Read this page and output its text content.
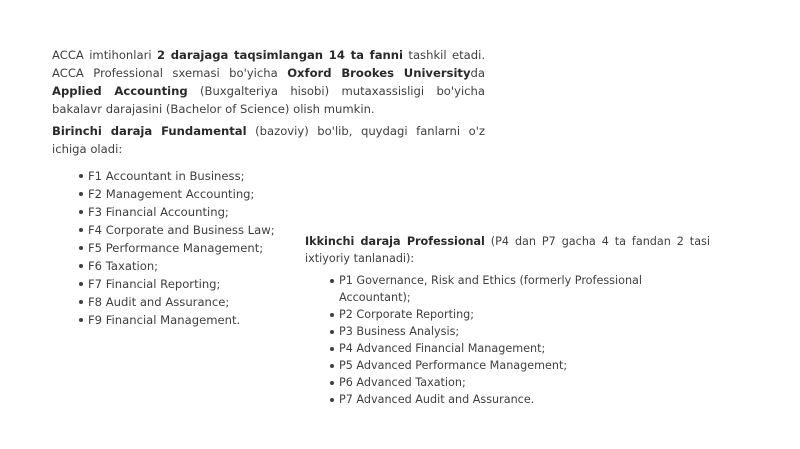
ACCA imtihonlari 2 darajaga taqsimlangan 14 ta fanni tashkil etadi. ACCA Professional sxemasi bo'yicha Oxford Brookes Universityda Applied Accounting (Buxgalteriya hisobi) mutaxassisligi bo'yicha bakalavr darajasini (Bachelor of Science) olish mumkin.

Birinchi daraja Fundamental (bazoviy) bo'lib, quydagi fanlarni o'z ichiga oladi:

F1 Accountant in Business;
F2 Management Accounting;
F3 Financial Accounting;
F4 Corporate and Business Law;
F5 Performance Management;
F6 Taxation;
F7 Financial Reporting;
F8 Audit and Assurance;
F9 Financial Management.

Ikkinchi daraja Professional (P4 dan P7 gacha 4 ta fandan 2 tasi ixtiyoriy tanlanadi):

P1 Governance, Risk and Ethics (formerly Professional Accountant);
P2 Corporate Reporting;
P3 Business Analysis;
P4 Advanced Financial Management;
P5 Advanced Performance Management;
P6 Advanced Taxation;
P7 Advanced Audit and Assurance.
